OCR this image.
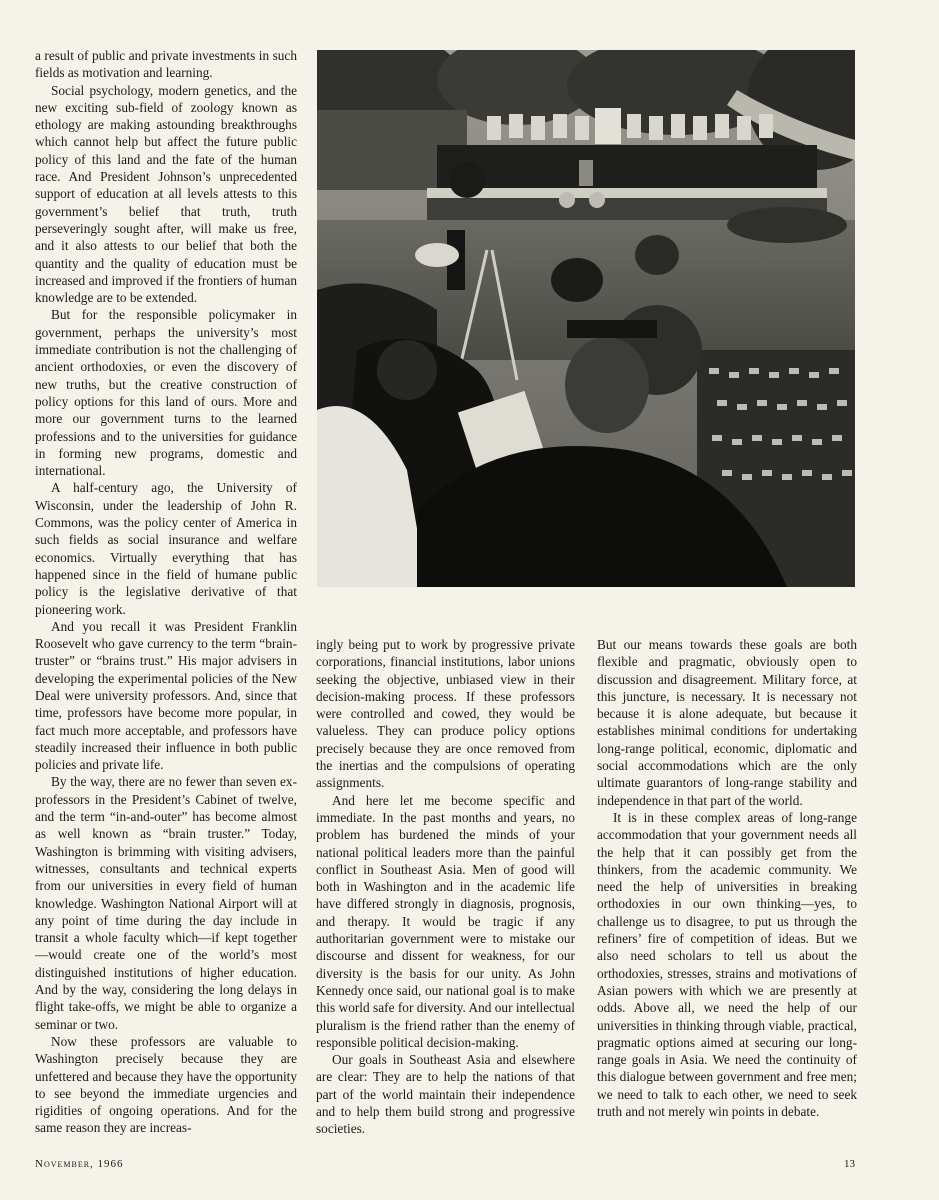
a result of public and private investments in such fields as motivation and learning.

Social psychology, modern genetics, and the new exciting sub-field of zoology known as ethology are making astounding breakthroughs which cannot help but affect the future public policy of this land and the fate of the human race. And President Johnson’s unprecedented support of education at all levels attests to this government’s belief that truth, truth perseveringly sought after, will make us free, and it also attests to our belief that both the quantity and the quality of education must be increased and improved if the frontiers of human knowledge are to be extended.

But for the responsible policymaker in government, perhaps the university’s most immediate contribution is not the challenging of ancient orthodoxies, or even the discovery of new truths, but the creative construction of policy options for this land of ours. More and more our government turns to the learned professions and to the universities for guidance in forming new programs, domestic and international.

A half-century ago, the University of Wisconsin, under the leadership of John R. Commons, was the policy center of America in such fields as social insurance and welfare economics. Virtually everything that has happened since in the field of humane public policy is the legislative derivative of that pioneering work.

And you recall it was President Franklin Roosevelt who gave currency to the term “brain-truster” or “brains trust.” His major advisers in developing the experimental policies of the New Deal were university professors. And, since that time, professors have become more popular, in fact much more acceptable, and professors have steadily increased their influence in both public policies and private life.

By the way, there are no fewer than seven ex-professors in the President’s Cabinet of twelve, and the term “in-and-outer” has become almost as well known as “brain truster.” Today, Washington is brimming with visiting advisers, witnesses, consultants and technical experts from our universities in every field of human knowledge. Washington National Airport will at any point of time during the day include in transit a whole faculty which—if kept together—would create one of the world’s most distinguished institutions of higher education. And by the way, considering the long delays in flight take-offs, we might be able to organize a seminar or two.

Now these professors are valuable to Washington precisely because they are unfettered and because they have the opportunity to see beyond the immediate urgencies and rigidities of ongoing operations. And for the same reason they are increas-

ingly being put to work by progressive private corporations, financial institutions, labor unions seeking the objective, unbiased view in their decision-making process. If these professors were controlled and cowed, they would be valueless. They can produce policy options precisely because they are once removed from the inertias and the compulsions of operating assignments.

And here let me become specific and immediate. In the past months and years, no problem has burdened the minds of your national political leaders more than the painful conflict in Southeast Asia. Men of good will both in Washington and in the academic life have differed strongly in diagnosis, prognosis, and therapy. It would be tragic if any authoritarian government were to mistake our discourse and dissent for weakness, for our diversity is the basis for our unity. As John Kennedy once said, our national goal is to make this world safe for diversity. And our intellectual pluralism is the friend rather than the enemy of responsible political decision-making.

Our goals in Southeast Asia and elsewhere are clear: They are to help the nations of that part of the world maintain their independence and to help them build strong and progressive societies.

But our means towards these goals are both flexible and pragmatic, obviously open to discussion and disagreement. Military force, at this juncture, is necessary. It is necessary not because it is alone adequate, but because it establishes minimal conditions for undertaking long-range political, economic, diplomatic and social accommodations which are the only ultimate guarantors of long-range stability and independence in that part of the world.

It is in these complex areas of long-range accommodation that your government needs all the help that it can possibly get from the thinkers, from the academic community. We need the help of universities in breaking orthodoxies in our own thinking—yes, to challenge us to disagree, to put us through the refiners’ fire of competition of ideas. But we also need scholars to tell us about the orthodoxies, stresses, strains and motivations of Asian powers with which we are presently at odds. Above all, we need the help of our universities in thinking through viable, practical, pragmatic options aimed at securing our long-range goals in Asia. We need the continuity of this dialogue between government and free men; we need to talk to each other, we need to seek truth and not merely win points in debate.

November, 1966	13
